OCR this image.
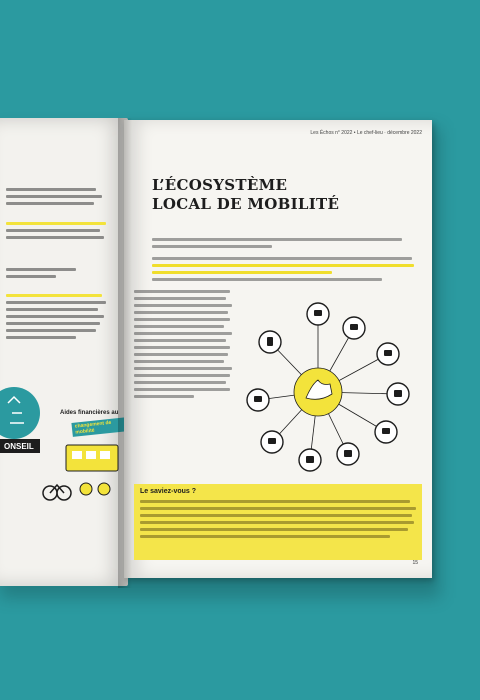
ONSEIL
Aides financières au
changement de mobilité
Les Échos n° 2022 • Le chef-lieu · décembre 2022
L’ÉCOSYSTÈME
LOCAL DE MOBILITÉ
Le saviez-vous ?
15
